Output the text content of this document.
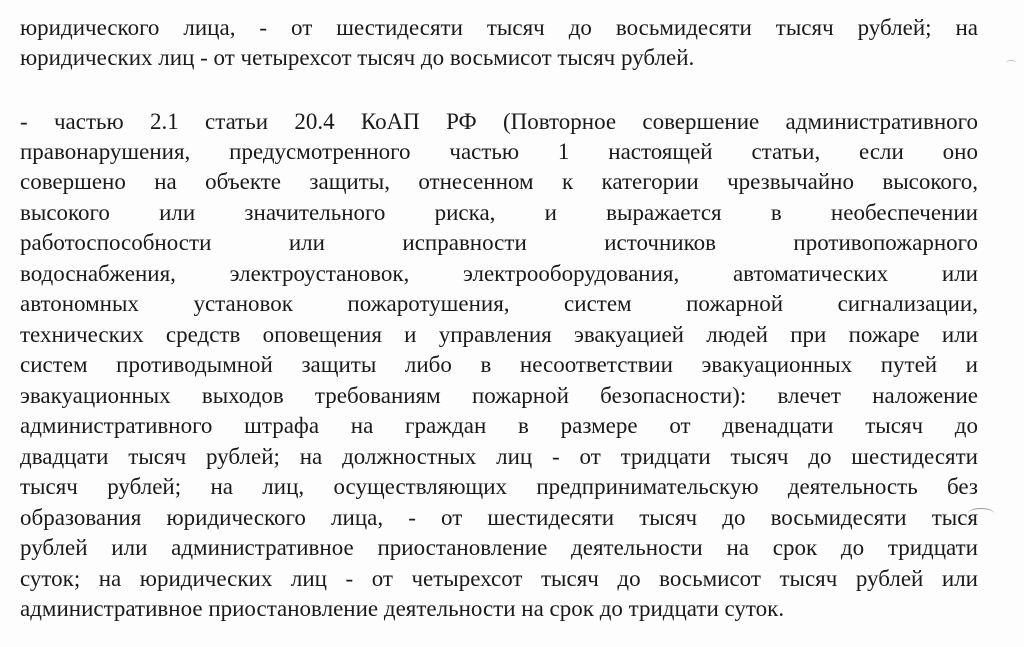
юридического лица, - от шестидесяти тысяч до восьмидесяти тысяч рублей; на
юридических лиц - от четырехсот тысяч до восьмисот тысяч рублей.
- частью 2.1 статьи 20.4 КоАП РФ (Повторное совершение административного
правонарушения, предусмотренного частью 1 настоящей статьи, если оно
совершено на объекте защиты, отнесенном к категории чрезвычайно высокого,
высокого или значительного риска, и выражается в необеспечении
работоспособности или исправности источников противопожарного
водоснабжения, электроустановок, электрооборудования, автоматических или
автономных установок пожаротушения, систем пожарной сигнализации,
технических средств оповещения и управления эвакуацией людей при пожаре или
систем противодымной защиты либо в несоответствии эвакуационных путей и
эвакуационных выходов требованиям пожарной безопасности): влечет наложение
административного штрафа на граждан в размере от двенадцати тысяч до
двадцати тысяч рублей; на должностных лиц - от тридцати тысяч до шестидесяти
тысяч рублей; на лиц, осуществляющих предпринимательскую деятельность без
образования юридического лица, - от шестидесяти тысяч до восьмидесяти тыся
рублей или административное приостановление деятельности на срок до тридцати
суток; на юридических лиц - от четырехсот тысяч до восьмисот тысяч рублей или
административное приостановление деятельности на срок до тридцати суток.
